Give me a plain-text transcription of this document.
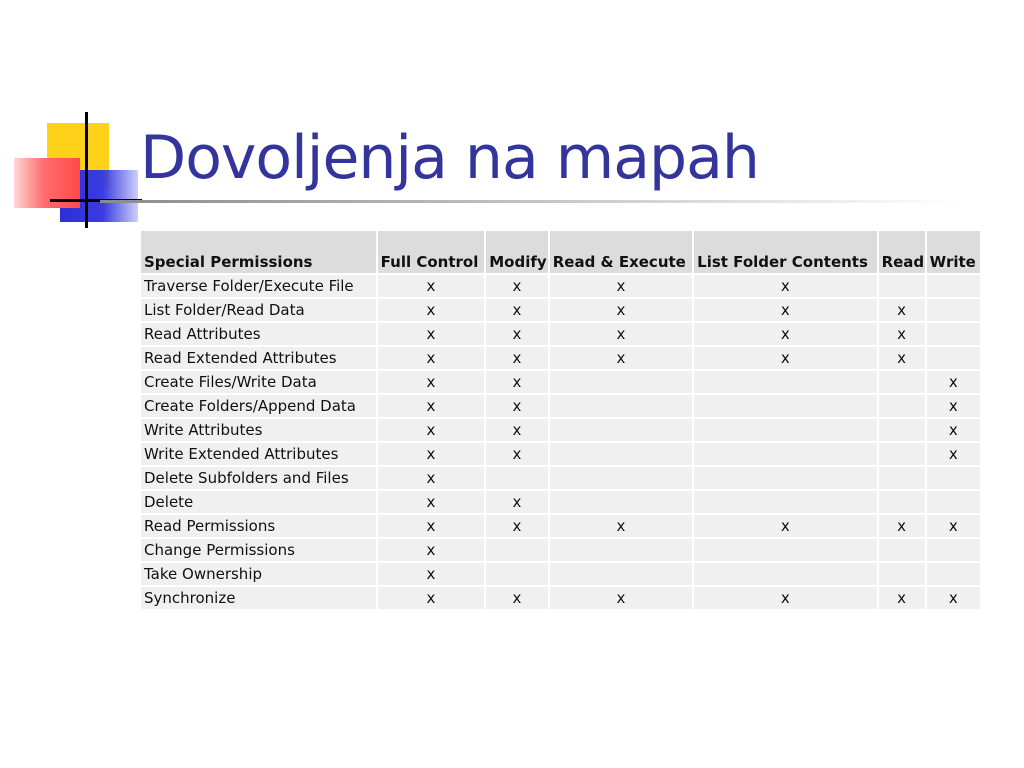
Dovoljenja na mapah
Special Permissions	Full Control	Modify	Read & Execute	List Folder Contents	Read	Write
Traverse Folder/Execute File	x	x	x	x		
List Folder/Read Data	x	x	x	x	x	
Read Attributes	x	x	x	x	x	
Read Extended Attributes	x	x	x	x	x	
Create Files/Write Data	x	x				x
Create Folders/Append Data	x	x				x
Write Attributes	x	x				x
Write Extended Attributes	x	x				x
Delete Subfolders and Files	x					
Delete	x	x				
Read Permissions	x	x	x	x	x	x
Change Permissions	x					
Take Ownership	x					
Synchronize	x	x	x	x	x	x
